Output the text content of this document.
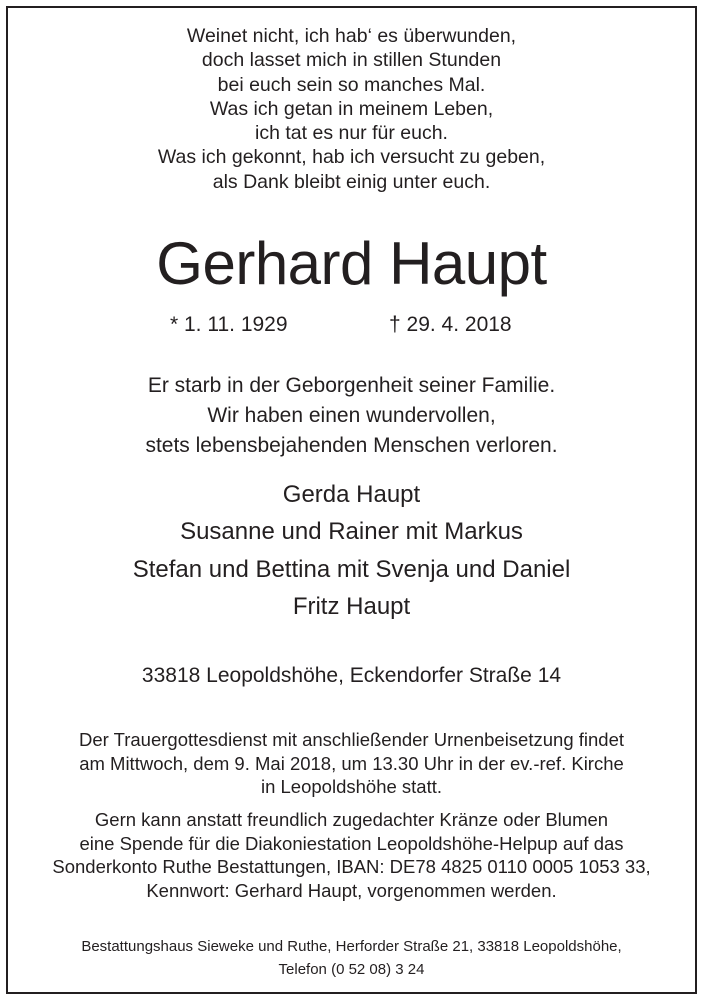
Weinet nicht, ich hab‘ es überwunden,
doch lasset mich in stillen Stunden
bei euch sein so manches Mal.
Was ich getan in meinem Leben,
ich tat es nur für euch.
Was ich gekonnt, hab ich versucht zu geben,
als Dank bleibt einig unter euch.
Gerhard Haupt
* 1. 11. 1929	† 29. 4. 2018
Er starb in der Geborgenheit seiner Familie.
Wir haben einen wundervollen,
stets lebensbejahenden Menschen verloren.
Gerda Haupt
Susanne und Rainer mit Markus
Stefan und Bettina mit Svenja und Daniel
Fritz Haupt
33818 Leopoldshöhe, Eckendorfer Straße 14
Der Trauergottesdienst mit anschließender Urnenbeisetzung findet
am Mittwoch, dem 9. Mai 2018, um 13.30 Uhr in der ev.-ref. Kirche
in Leopoldshöhe statt.
Gern kann anstatt freundlich zugedachter Kränze oder Blumen
eine Spende für die Diakoniestation Leopoldshöhe-Helpup auf das
Sonderkonto Ruthe Bestattungen, IBAN: DE78 4825 0110 0005 1053 33,
Kennwort: Gerhard Haupt, vorgenommen werden.
Bestattungshaus Sieweke und Ruthe, Herforder Straße 21, 33818 Leopoldshöhe,
Telefon (0 52 08) 3 24
